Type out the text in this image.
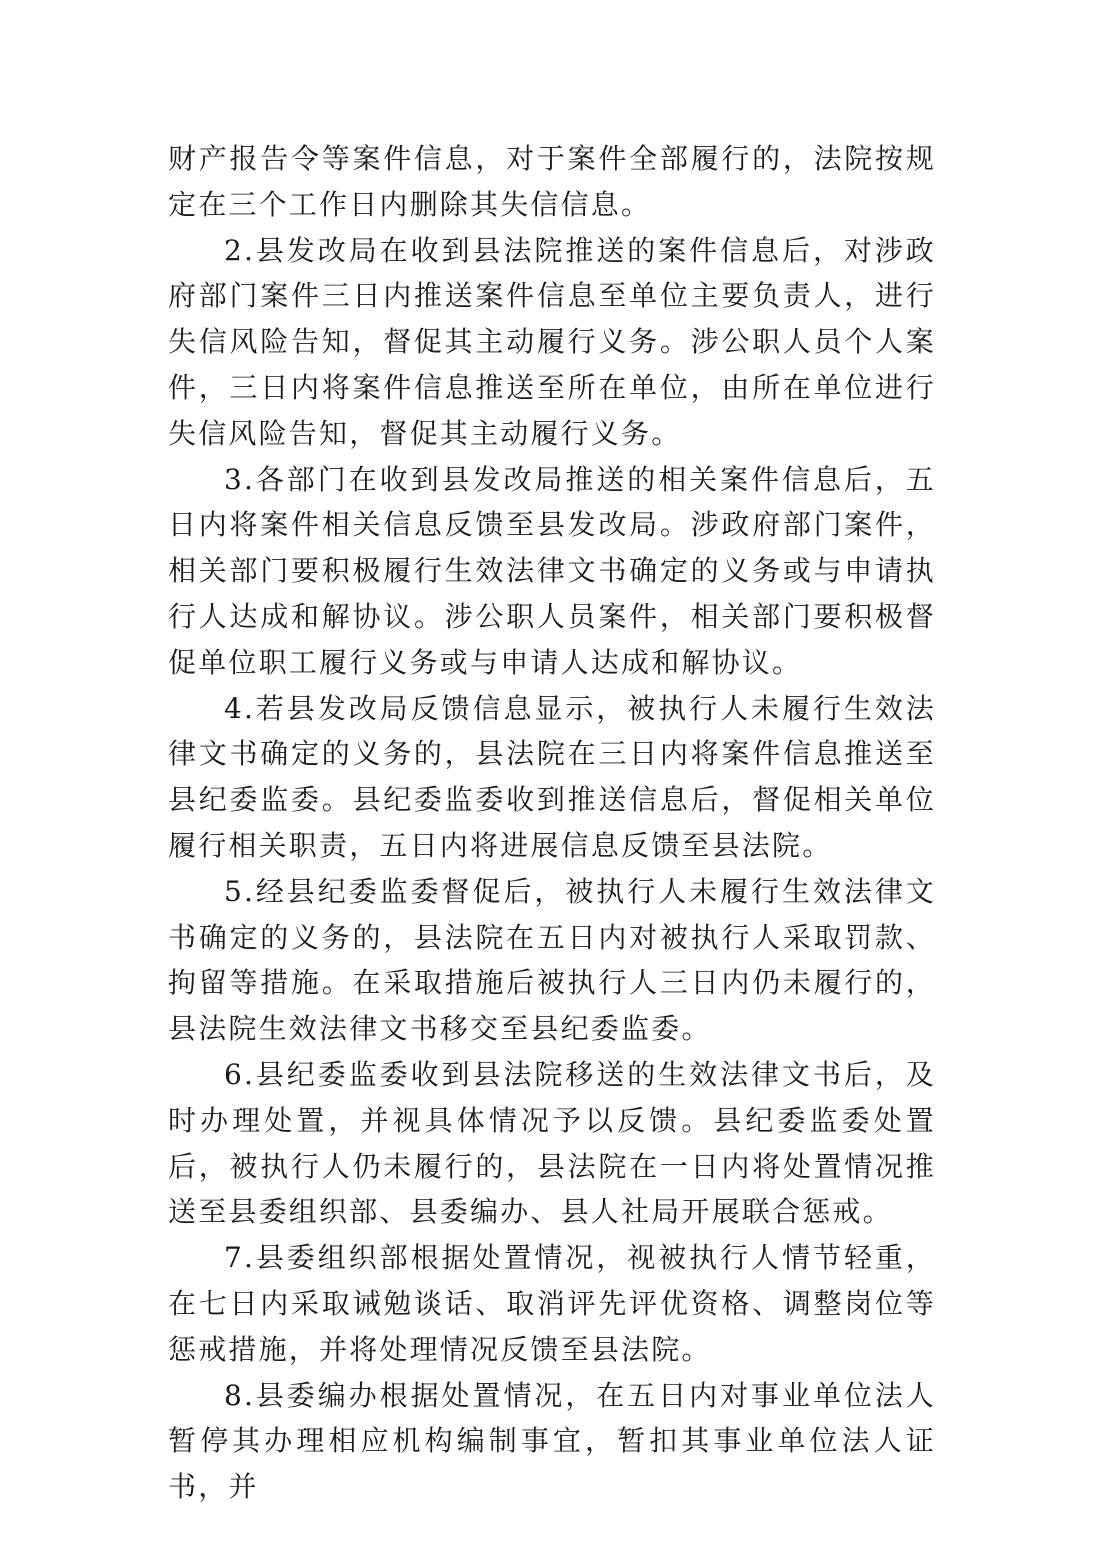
财产报告令等案件信息，对于案件全部履行的，法院按规定在三个工作日内删除其失信信息。

2.县发改局在收到县法院推送的案件信息后，对涉政府部门案件三日内推送案件信息至单位主要负责人，进行失信风险告知，督促其主动履行义务。涉公职人员个人案件，三日内将案件信息推送至所在单位，由所在单位进行失信风险告知，督促其主动履行义务。

3.各部门在收到县发改局推送的相关案件信息后，五日内将案件相关信息反馈至县发改局。涉政府部门案件，相关部门要积极履行生效法律文书确定的义务或与申请执行人达成和解协议。涉公职人员案件，相关部门要积极督促单位职工履行义务或与申请人达成和解协议。

4.若县发改局反馈信息显示，被执行人未履行生效法律文书确定的义务的，县法院在三日内将案件信息推送至县纪委监委。县纪委监委收到推送信息后，督促相关单位履行相关职责，五日内将进展信息反馈至县法院。

5.经县纪委监委督促后，被执行人未履行生效法律文书确定的义务的，县法院在五日内对被执行人采取罚款、拘留等措施。在采取措施后被执行人三日内仍未履行的，县法院生效法律文书移交至县纪委监委。

6.县纪委监委收到县法院移送的生效法律文书后，及时办理处置，并视具体情况予以反馈。县纪委监委处置后，被执行人仍未履行的，县法院在一日内将处置情况推送至县委组织部、县委编办、县人社局开展联合惩戒。

7.县委组织部根据处置情况，视被执行人情节轻重，在七日内采取诫勉谈话、取消评先评优资格、调整岗位等惩戒措施，并将处理情况反馈至县法院。

8.县委编办根据处置情况，在五日内对事业单位法人暂停其办理相应机构编制事宜，暂扣其事业单位法人证书，并
